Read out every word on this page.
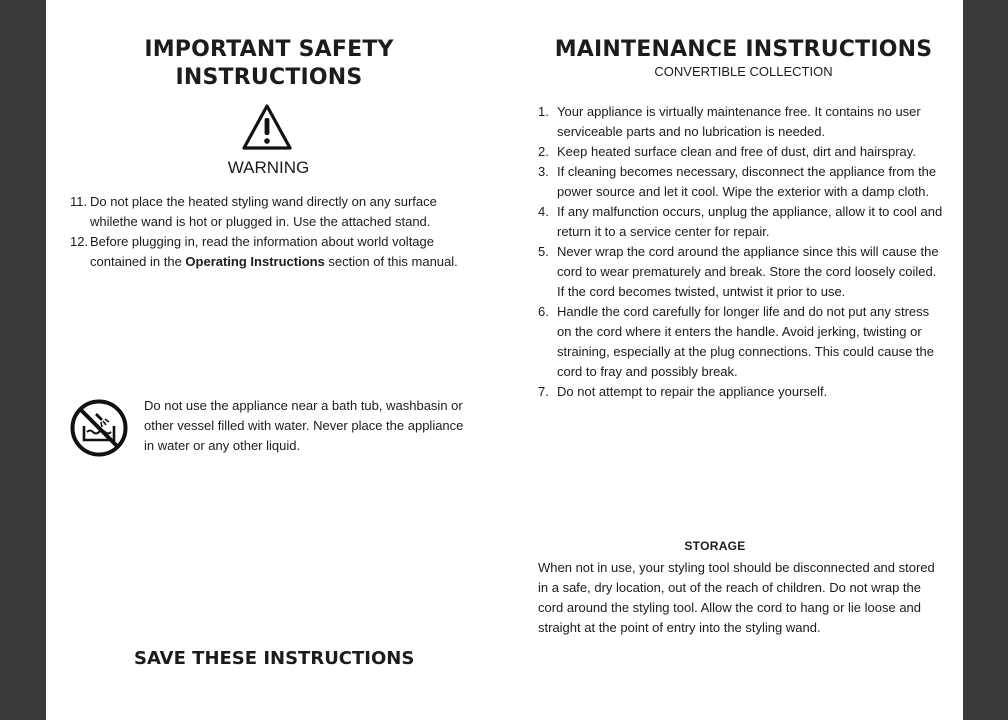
IMPORTANT SAFETY
INSTRUCTIONS
WARNING
11. Do not place the heated styling wand directly on any surface whilethe wand is hot or plugged in. Use the attached stand.
12. Before plugging in, read the information about world voltage contained in the Operating Instructions section of this manual.
Do not use the appliance near a bath tub, washbasin or other vessel filled with water. Never place the appliance in water or any other liquid.
SAVE THESE INSTRUCTIONS
MAINTENANCE INSTRUCTIONS
CONVERTIBLE COLLECTION
1. Your appliance is virtually maintenance free. It contains no user serviceable parts and no lubrication is needed.
2. Keep heated surface clean and free of dust, dirt and hairspray.
3. If cleaning becomes necessary, disconnect the appliance from the power source and let it cool. Wipe the exterior with a damp cloth.
4. If any malfunction occurs, unplug the appliance, allow it to cool and return it to a service center for repair.
5. Never wrap the cord around the appliance since this will cause the cord to wear prematurely and break. Store the cord loosely coiled. If the cord becomes twisted, untwist it prior to use.
6. Handle the cord carefully for longer life and do not put any stress on the cord where it enters the handle. Avoid jerking, twisting or straining, especially at the plug connections. This could cause the cord to fray and possibly break.
7. Do not attempt to repair the appliance yourself.
STORAGE
When not in use, your styling tool should be disconnected and stored in a safe, dry location, out of the reach of children. Do not wrap the cord around the styling tool. Allow the cord to hang or lie loose and straight at the point of entry into the styling wand.
